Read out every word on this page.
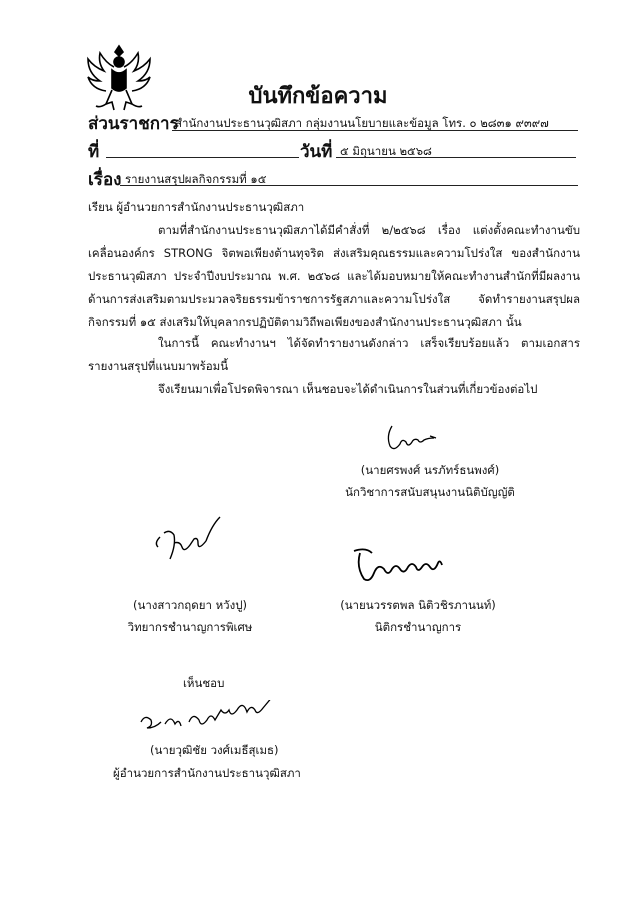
บันทึกข้อความ
ส่วนราชการ
สำนักงานประธานวุฒิสภา กลุ่มงานนโยบายและข้อมูล โทร. ๐ ๒๘๓๑ ๙๓๙๗
ที่	วันที่ ๕ มิถุนายน ๒๕๖๘
เรื่อง รายงานสรุปผลกิจกรรมที่ ๑๕
เรียน ผู้อำนวยการสำนักงานประธานวุฒิสภา
ตามที่สำนักงานประธานวุฒิสภาได้มีคำสั่งที่ ๒/๒๕๖๘ เรื่อง แต่งตั้งคณะทำงานขับเคลื่อนองค์กร STRONG จิตพอเพียงต้านทุจริต ส่งเสริมคุณธรรมและความโปร่งใส ของสำนักงานประธานวุฒิสภา ประจำปีงบประมาณ พ.ศ. ๒๕๖๘ และได้มอบหมายให้คณะทำงานสำนักที่มีผลงานด้านการส่งเสริมตามประมวลจริยธรรมข้าราชการรัฐสภาและความโปร่งใส จัดทำรายงานสรุปผลกิจกรรมที่ ๑๕ ส่งเสริมให้บุคลากรปฏิบัติตามวิถีพอเพียงของสำนักงานประธานวุฒิสภา นั้น
ในการนี้ คณะทำงานฯ ได้จัดทำรายงานดังกล่าว เสร็จเรียบร้อยแล้ว ตามเอกสารรายงานสรุปที่แนบมาพร้อมนี้
จึงเรียนมาเพื่อโปรดพิจารณา เห็นชอบจะได้ดำเนินการในส่วนที่เกี่ยวข้องต่อไป
(นายศรพงศ์ นรภัทร์ธนพงศ์)
นักวิชาการสนับสนุนงานนิติบัญญัติ
(นางสาวกฤดยา หวังปู)
วิทยากรชำนาญการพิเศษ
(นายนวรรตพล นิติวชิรภานนท์)
นิติกรชำนาญการ
เห็นชอบ
(นายวุฒิชัย วงศ์เมธีสุเมธ)
ผู้อำนวยการสำนักงานประธานวุฒิสภา
